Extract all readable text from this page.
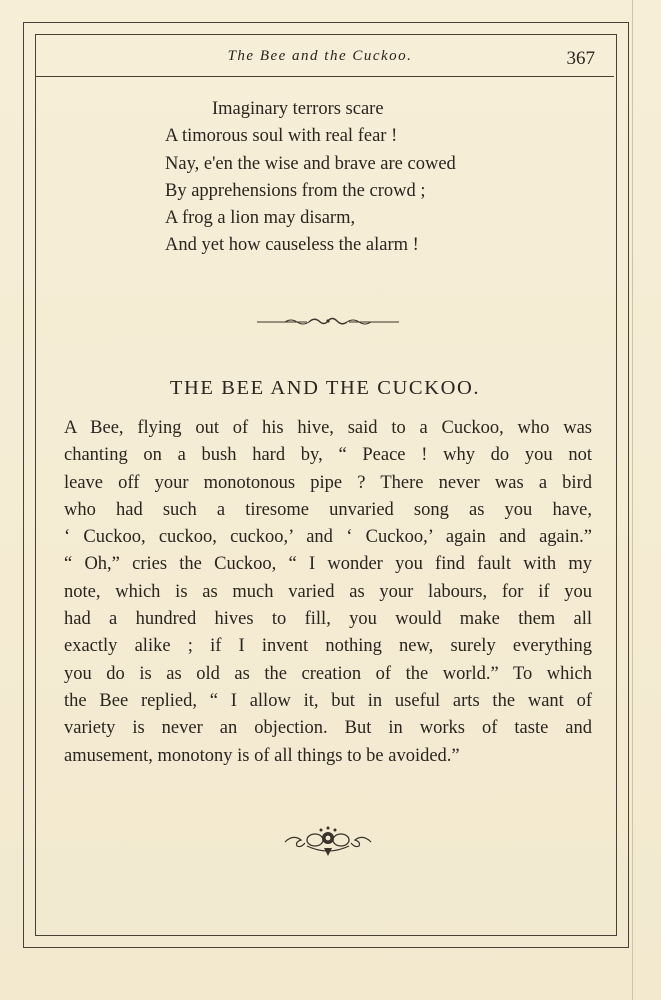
The Bee and the Cuckoo.	367
Imaginary terrors scare
A timorous soul with real fear !
Nay, e'en the wise and brave are cowed
By apprehensions from the crowd ;
A frog a lion may disarm,
And yet how causeless the alarm !
THE BEE AND THE CUCKOO.
A Bee, flying out of his hive, said to a Cuckoo, who was
chanting on a bush hard by, “ Peace ! why do you not
leave off your monotonous pipe ? There never was a bird
who had such a tiresome unvaried song as you have,
‘ Cuckoo, cuckoo, cuckoo,’ and ‘ Cuckoo,’ again and again.”
“ Oh,” cries the Cuckoo, “ I wonder you find fault with my
note, which is as much varied as your labours, for if you
had a hundred hives to fill, you would make them all
exactly alike ; if I invent nothing new, surely everything
you do is as old as the creation of the world.” To which
the Bee replied, “ I allow it, but in useful arts the want of
variety is never an objection. But in works of taste and
amusement, monotony is of all things to be avoided.”
